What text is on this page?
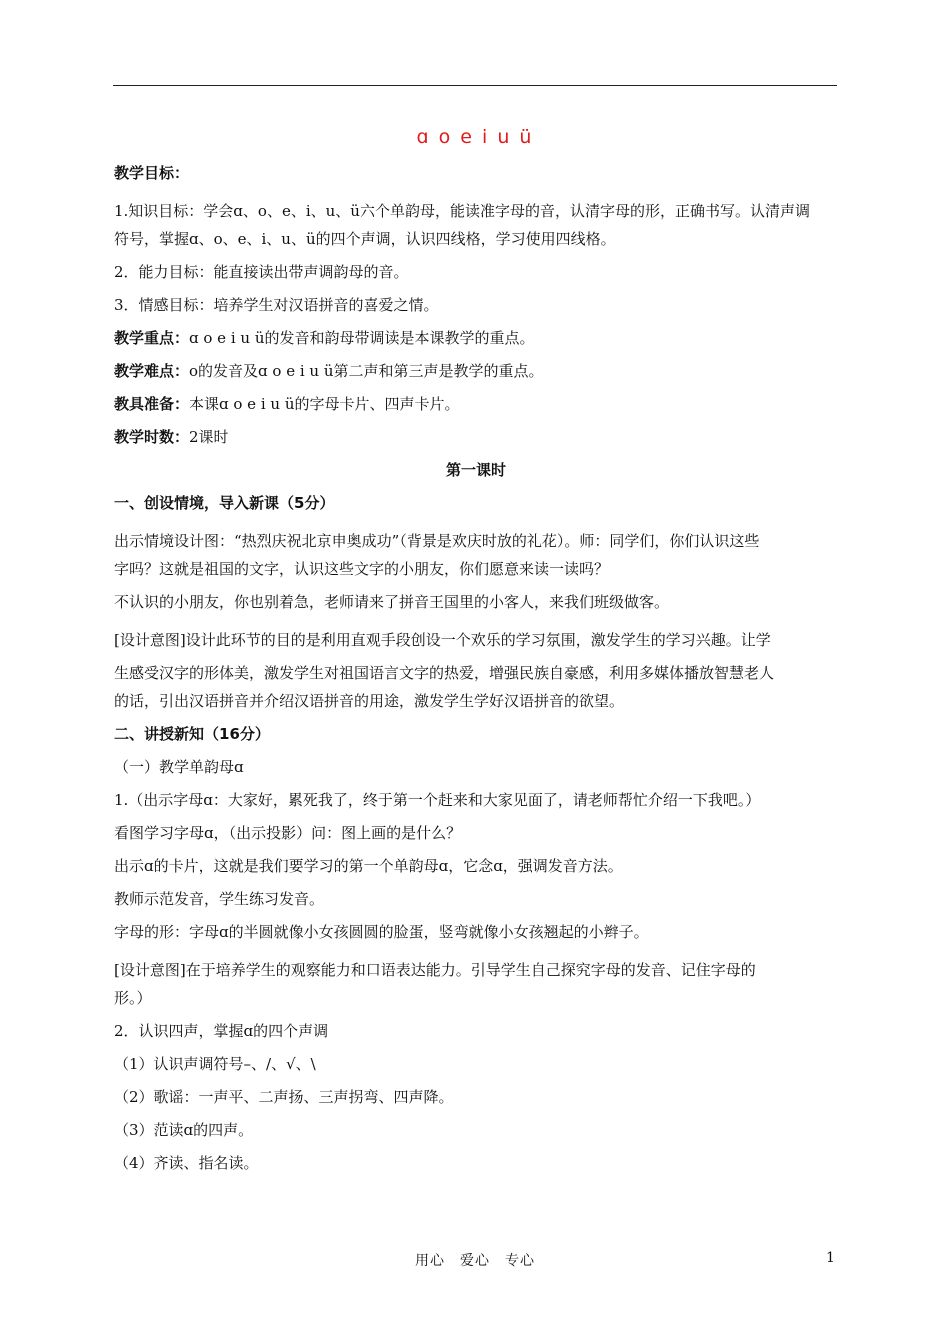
ɑ o e i u ü
教学目标：
1.知识目标：学会ɑ、o、e、i、u、ü六个单韵母，能读准字母的音，认清字母的形，正确书写。认清声调
符号，掌握ɑ、o、e、i、u、ü的四个声调，认识四线格，学习使用四线格。
2．能力目标：能直接读出带声调韵母的音。
3．情感目标：培养学生对汉语拼音的喜爱之情。
教学重点：ɑ o e i u ü的发音和韵母带调读是本课教学的重点。
教学难点：o的发音及ɑ o e i u ü第二声和第三声是教学的重点。
教具准备：本课ɑ o e i u ü的字母卡片、四声卡片。
教学时数：2课时
第一课时
一、创设情境，导入新课（5分）
出示情境设计图：“热烈庆祝北京申奥成功”（背景是欢庆时放的礼花）。师：同学们，你们认识这些
字吗？这就是祖国的文字，认识这些文字的小朋友，你们愿意来读一读吗？
不认识的小朋友，你也别着急，老师请来了拼音王国里的小客人，来我们班级做客。
[设计意图]设计此环节的目的是利用直观手段创设一个欢乐的学习氛围，激发学生的学习兴趣。让学
生感受汉字的形体美，激发学生对祖国语言文字的热爱，增强民族自豪感，利用多媒体播放智慧老人
的话，引出汉语拼音并介绍汉语拼音的用途，激发学生学好汉语拼音的欲望。
二、讲授新知（16分）
（一）教学单韵母ɑ
1.（出示字母ɑ：大家好，累死我了，终于第一个赶来和大家见面了，请老师帮忙介绍一下我吧。）
看图学习字母ɑ，（出示投影）问：图上画的是什么？
出示ɑ的卡片，这就是我们要学习的第一个单韵母ɑ，它念ɑ，强调发音方法。
教师示范发音，学生练习发音。
字母的形：字母ɑ的半圆就像小女孩圆圆的脸蛋，竖弯就像小女孩翘起的小辫子。
[设计意图]在于培养学生的观察能力和口语表达能力。引导学生自己探究字母的发音、记住字母的
形。）
2．认识四声，掌握ɑ的四个声调
（1）认识声调符号–、/、√、\
（2）歌谣：一声平、二声扬、三声拐弯、四声降。
（3）范读ɑ的四声。
（4）齐读、指名读。
用心　爱心　专心	1
